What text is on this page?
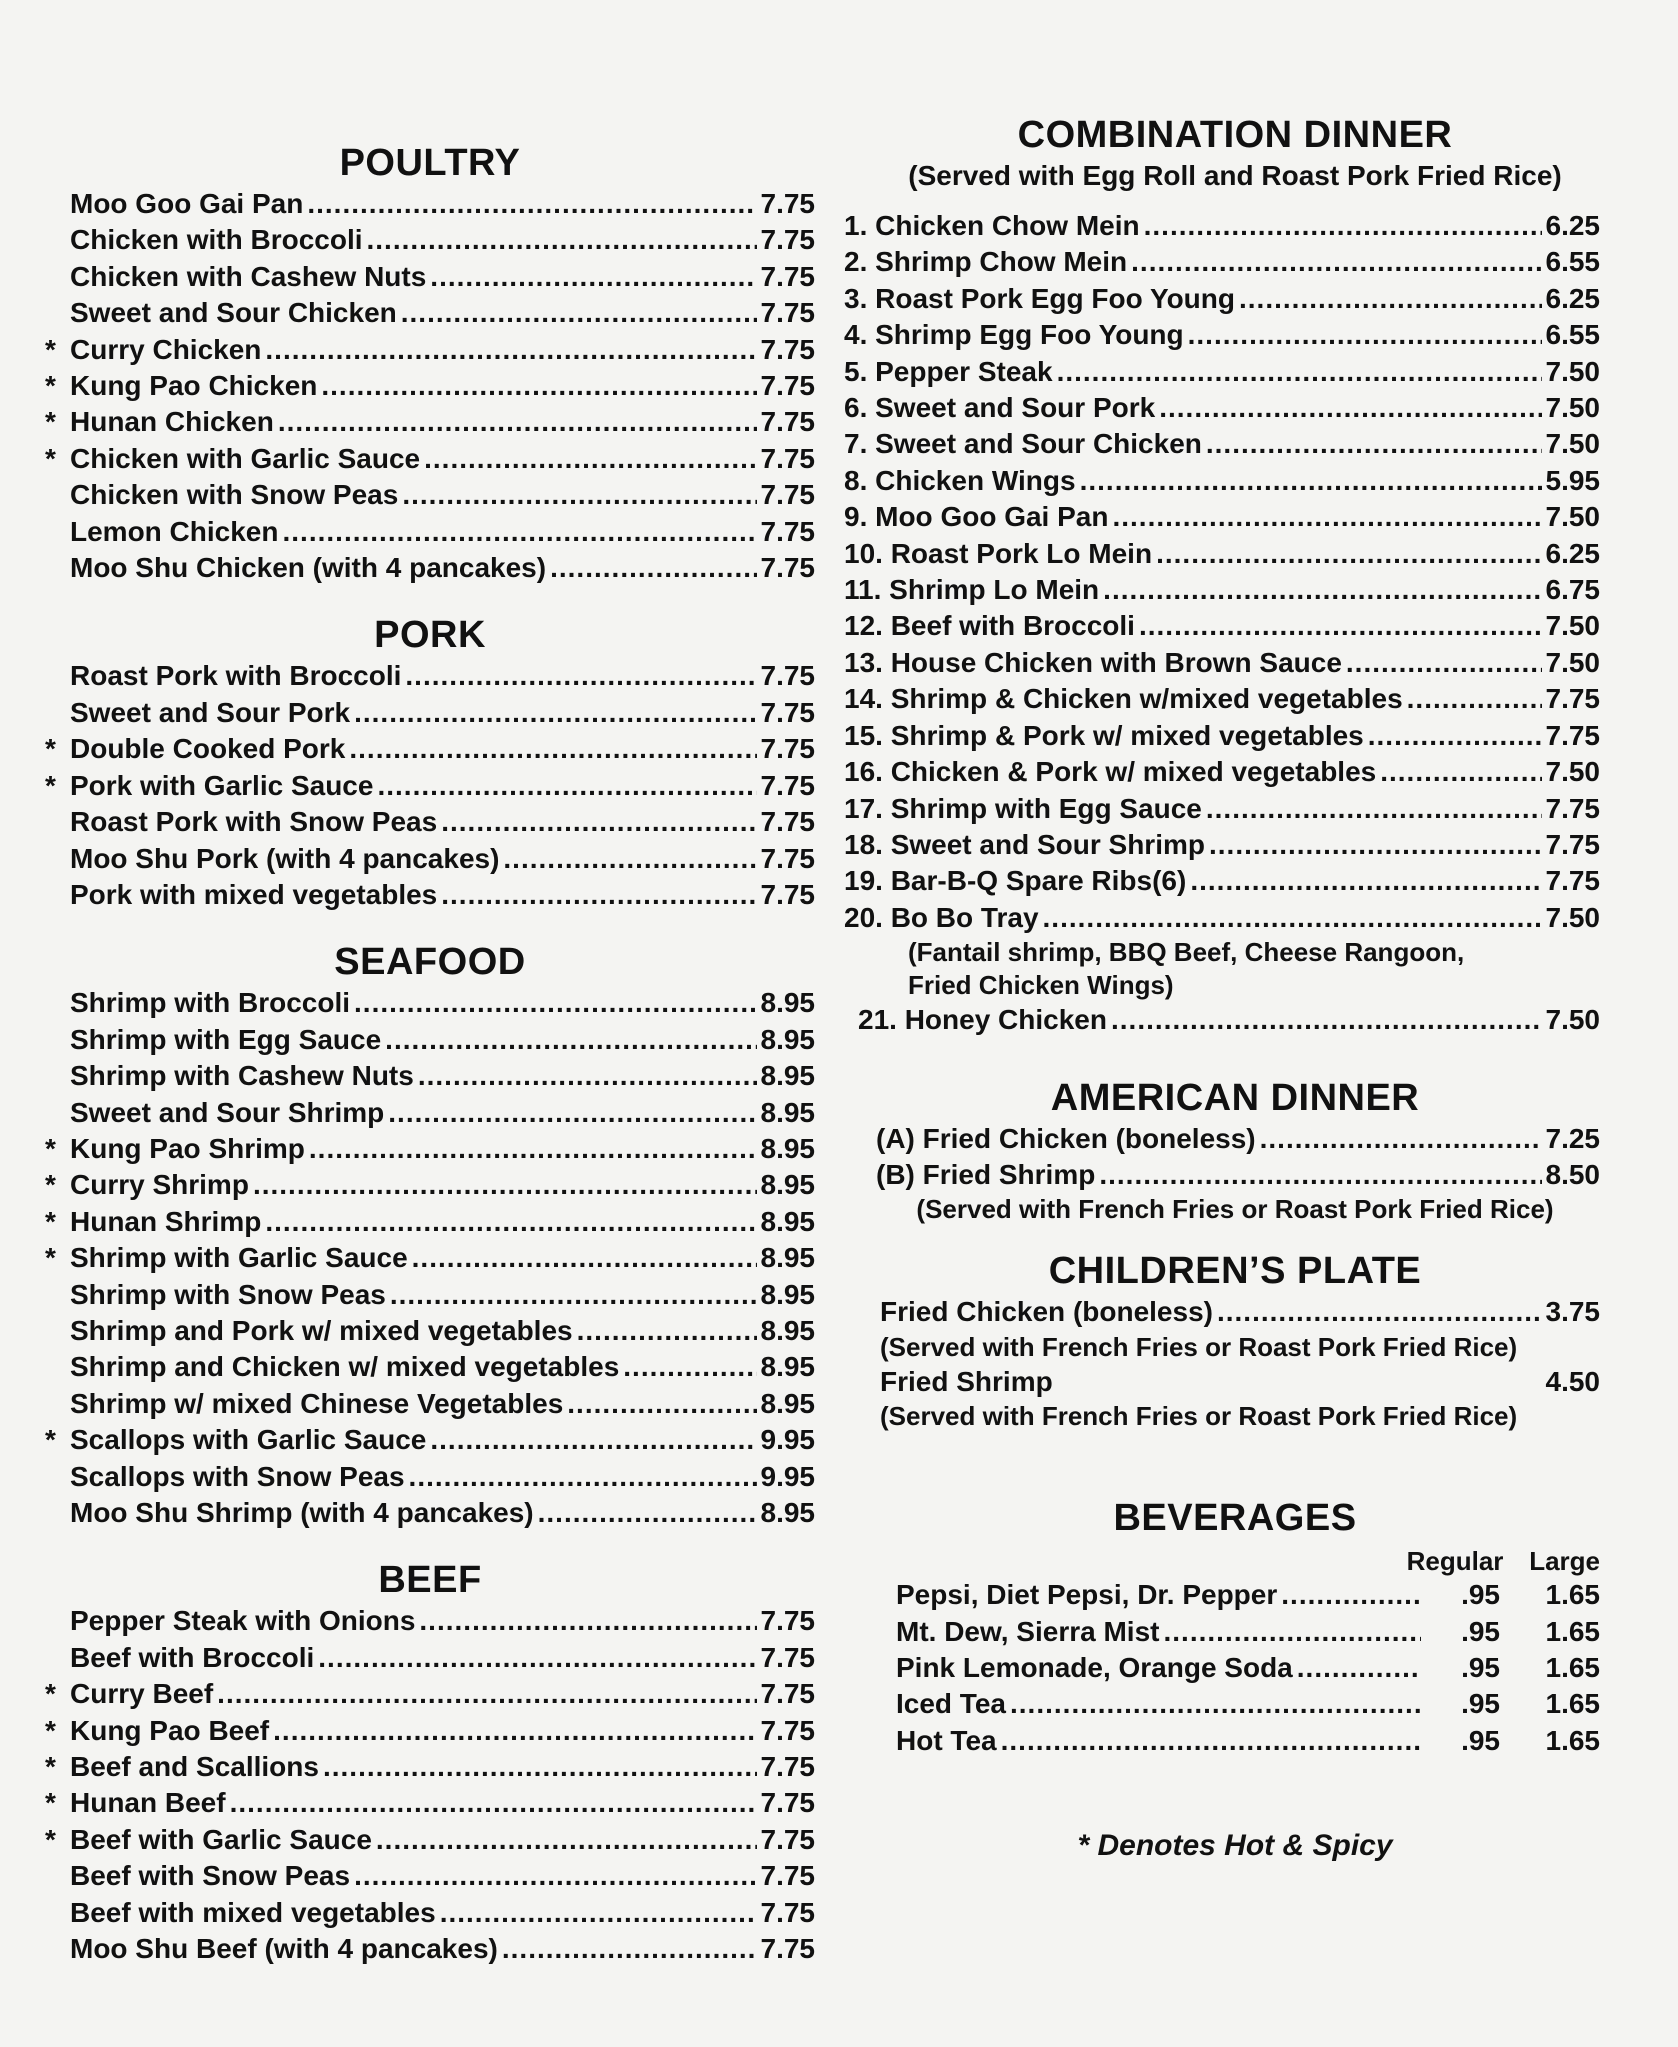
POULTRY
Moo Goo Gai Pan .....	7.75
Chicken with Broccoli .....	7.75
Chicken with Cashew Nuts .....	7.75
Sweet and Sour Chicken .....	7.75
* Curry Chicken .....	7.75
* Kung Pao Chicken .....	7.75
* Hunan Chicken .....	7.75
* Chicken with Garlic Sauce .....	7.75
Chicken with Snow Peas .....	7.75
Lemon Chicken .....	7.75
Moo Shu Chicken (with 4 pancakes) .....	7.75
PORK
Roast Pork with Broccoli .....	7.75
Sweet and Sour Pork .....	7.75
* Double Cooked Pork .....	7.75
* Pork with Garlic Sauce .....	7.75
Roast Pork with Snow Peas .....	7.75
Moo Shu Pork (with 4 pancakes) .....	7.75
Pork with mixed vegetables .....	7.75
SEAFOOD
Shrimp with Broccoli .....	8.95
Shrimp with Egg Sauce .....	8.95
Shrimp with Cashew Nuts .....	8.95
Sweet and Sour Shrimp .....	8.95
* Kung Pao Shrimp .....	8.95
* Curry Shrimp .....	8.95
* Hunan Shrimp .....	8.95
* Shrimp with Garlic Sauce .....	8.95
Shrimp with Snow Peas .....	8.95
Shrimp and Pork w/ mixed vegetables .....	8.95
Shrimp and Chicken w/ mixed vegetables .....	8.95
Shrimp w/ mixed Chinese Vegetables .....	8.95
* Scallops with Garlic Sauce .....	9.95
Scallops with Snow Peas .....	9.95
Moo Shu Shrimp (with 4 pancakes) .....	8.95
BEEF
Pepper Steak with Onions .....	7.75
Beef with Broccoli .....	7.75
* Curry Beef .....	7.75
* Kung Pao Beef .....	7.75
* Beef and Scallions .....	7.75
* Hunan Beef .....	7.75
* Beef with Garlic Sauce .....	7.75
Beef with Snow Peas .....	7.75
Beef with mixed vegetables .....	7.75
Moo Shu Beef (with 4 pancakes) .....	7.75
COMBINATION DINNER
(Served with Egg Roll and Roast Pork Fried Rice)
1. Chicken Chow Mein .....	6.25
2. Shrimp Chow Mein .....	6.55
3. Roast Pork Egg Foo Young .....	6.25
4. Shrimp Egg Foo Young .....	6.55
5. Pepper Steak .....	7.50
6. Sweet and Sour Pork .....	7.50
7. Sweet and Sour Chicken .....	7.50
8. Chicken Wings .....	5.95
9. Moo Goo Gai Pan .....	7.50
10. Roast Pork Lo Mein .....	6.25
11. Shrimp Lo Mein .....	6.75
12. Beef with Broccoli .....	7.50
13. House Chicken with Brown Sauce .....	7.50
14. Shrimp & Chicken w/mixed vegetables .....	7.75
15. Shrimp & Pork w/ mixed vegetables .....	7.75
16. Chicken & Pork w/ mixed vegetables .....	7.50
17. Shrimp with Egg Sauce .....	7.75
18. Sweet and Sour Shrimp .....	7.75
19. Bar-B-Q Spare Ribs(6) .....	7.75
20. Bo Bo Tray .....	7.50
(Fantail shrimp, BBQ Beef, Cheese Rangoon,
Fried Chicken Wings)
21. Honey Chicken .....	7.50
AMERICAN DINNER
(A) Fried Chicken (boneless) .....	7.25
(B) Fried Shrimp .....	8.50
(Served with French Fries or Roast Pork Fried Rice)
CHILDREN’S PLATE
Fried Chicken (boneless) .....	3.75
(Served with French Fries or Roast Pork Fried Rice)
Fried Shrimp	4.50
(Served with French Fries or Roast Pork Fried Rice)
BEVERAGES
Regular Large
Pepsi, Diet Pepsi, Dr. Pepper .....	.95	1.65
Mt. Dew, Sierra Mist .....	.95	1.65
Pink Lemonade, Orange Soda .....	.95	1.65
Iced Tea .....	.95	1.65
Hot Tea .....	.95	1.65
* Denotes Hot & Spicy
